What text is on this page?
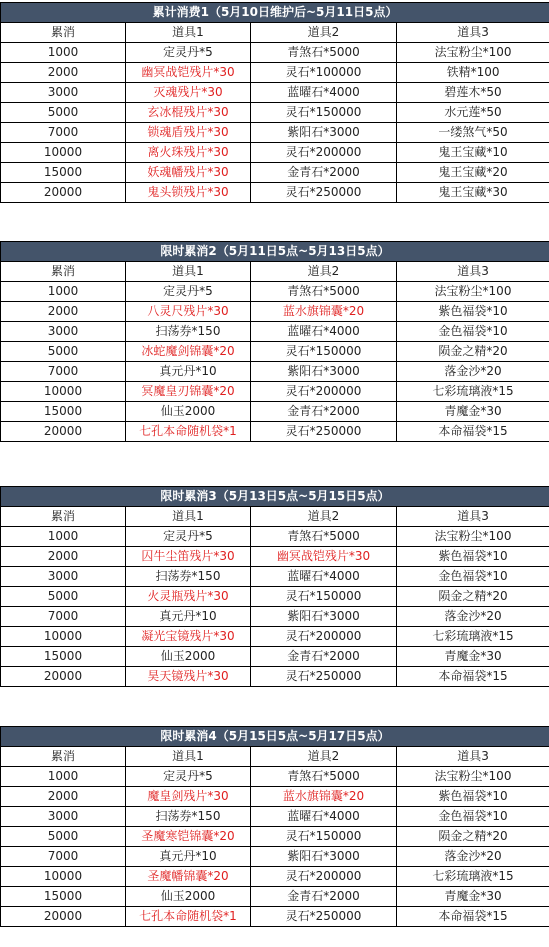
累计消费1（5月10日维护后~5月11日5点）			
累消	道具1	道具2	道具3
1000	定灵丹*5	青煞石*5000	法宝粉尘*100
2000	幽冥战铠残片*30	灵石*100000	铁精*100
3000	灭魂残片*30	蓝曜石*4000	碧莲木*50
5000	玄冰棍残片*30	灵石*150000	水元莲*50
7000	锁魂盾残片*30	紫阳石*3000	一缕煞气*50
10000	离火珠残片*30	灵石*200000	鬼王宝藏*10
15000	妖魂幡残片*30	金青石*2000	鬼王宝藏*20
20000	鬼头锁残片*30	灵石*250000	鬼王宝藏*30
限时累消2（5月11日5点~5月13日5点）			
累消	道具1	道具2	道具3
1000	定灵丹*5	青煞石*5000	法宝粉尘*100
2000	八灵尺残片*30	蓝水旗锦囊*20	紫色福袋*10
3000	扫荡券*150	蓝曜石*4000	金色福袋*10
5000	冰蛇魔剑锦囊*20	灵石*150000	陨金之精*20
7000	真元丹*10	紫阳石*3000	落金沙*20
10000	冥魔皇刃锦囊*20	灵石*200000	七彩琉璃液*15
15000	仙玉2000	金青石*2000	青魔金*30
20000	七孔本命随机袋*1	灵石*250000	本命福袋*15
限时累消3（5月13日5点~5月15日5点）			
累消	道具1	道具2	道具3
1000	定灵丹*5	青煞石*5000	法宝粉尘*100
2000	囚牛尘笛残片*30	幽冥战铠残片*30	紫色福袋*10
3000	扫荡券*150	蓝曜石*4000	金色福袋*10
5000	火灵瓶残片*30	灵石*150000	陨金之精*20
7000	真元丹*10	紫阳石*3000	落金沙*20
10000	凝光宝镜残片*30	灵石*200000	七彩琉璃液*15
15000	仙玉2000	金青石*2000	青魔金*30
20000	昊天镜残片*30	灵石*250000	本命福袋*15
限时累消4（5月15日5点~5月17日5点）			
累消	道具1	道具2	道具3
1000	定灵丹*5	青煞石*5000	法宝粉尘*100
2000	魔皇剑残片*30	蓝水旗锦囊*20	紫色福袋*10
3000	扫荡券*150	蓝曜石*4000	金色福袋*10
5000	圣魔寒铠锦囊*20	灵石*150000	陨金之精*20
7000	真元丹*10	紫阳石*3000	落金沙*20
10000	圣魔幡锦囊*20	灵石*200000	七彩琉璃液*15
15000	仙玉2000	金青石*2000	青魔金*30
20000	七孔本命随机袋*1	灵石*250000	本命福袋*15
